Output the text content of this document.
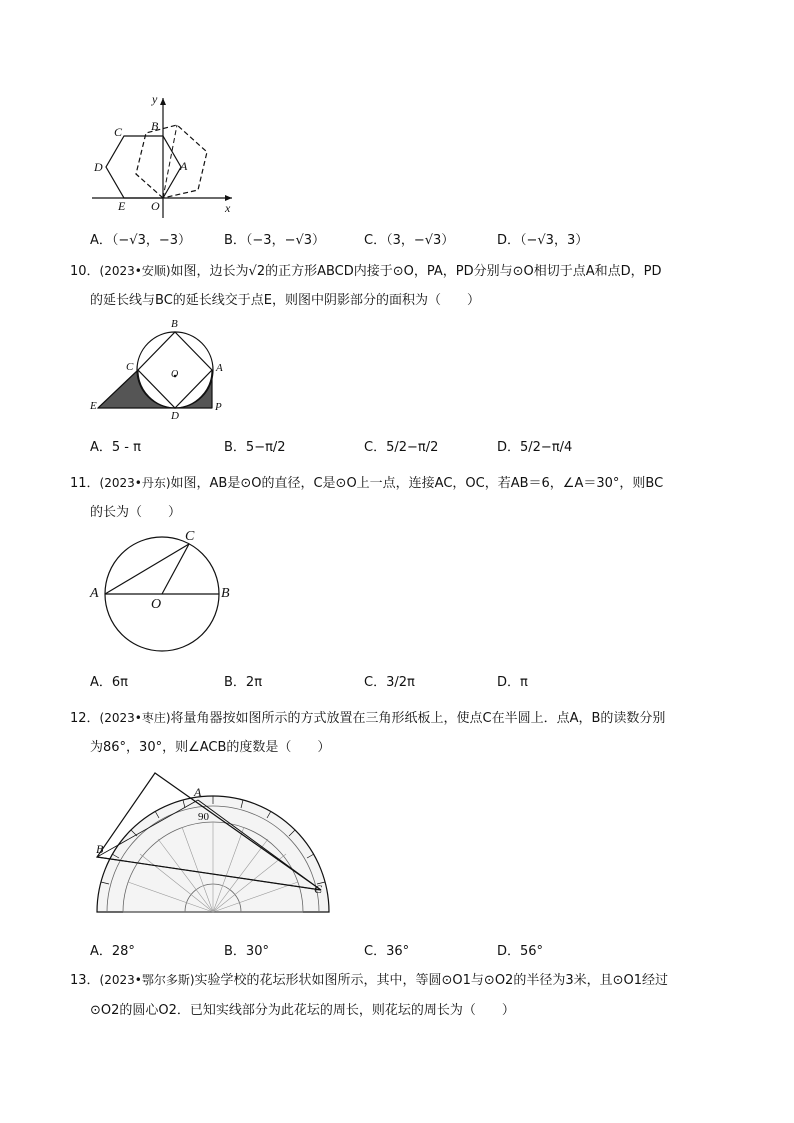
y
x
B
C
D	A
E O
A．（−√3，−3）	B．（−3，−√3）	C．（3，−√3）	D．（−√3，3）
10．(2023•安顺)如图，边长为√2的正方形ABCD内接于⊙O，PA，PD分别与⊙O相切于点A和点D，PD
的延长线与BC的延长线交于点E，则图中阴影部分的面积为（　　）
B
C
O
A
E
D
P
A．5 - π	B．5−π/2	C．5/2−π/2	D．5/2−π/4
11．(2023•丹东)如图，AB是⊙O的直径，C是⊙O上一点，连接AC，OC，若AB＝6，∠A＝30°，则BC
的长为（　　）
A
O
B
C
A．6π	B．2π	C．3/2π	D．π
12．(2023•枣庄)将量角器按如图所示的方式放置在三角形纸板上，使点C在半圆上．点A，B的读数分别
为86°，30°，则∠ACB的度数是（　　）
A
90
B
C
A．28°	B．30°	C．36°	D．56°
13．(2023•鄂尔多斯)实验学校的花坛形状如图所示，其中，等圆⊙O1与⊙O2的半径为3米，且⊙O1经过
⊙O2的圆心O2．已知实线部分为此花坛的周长，则花坛的周长为（　　）
